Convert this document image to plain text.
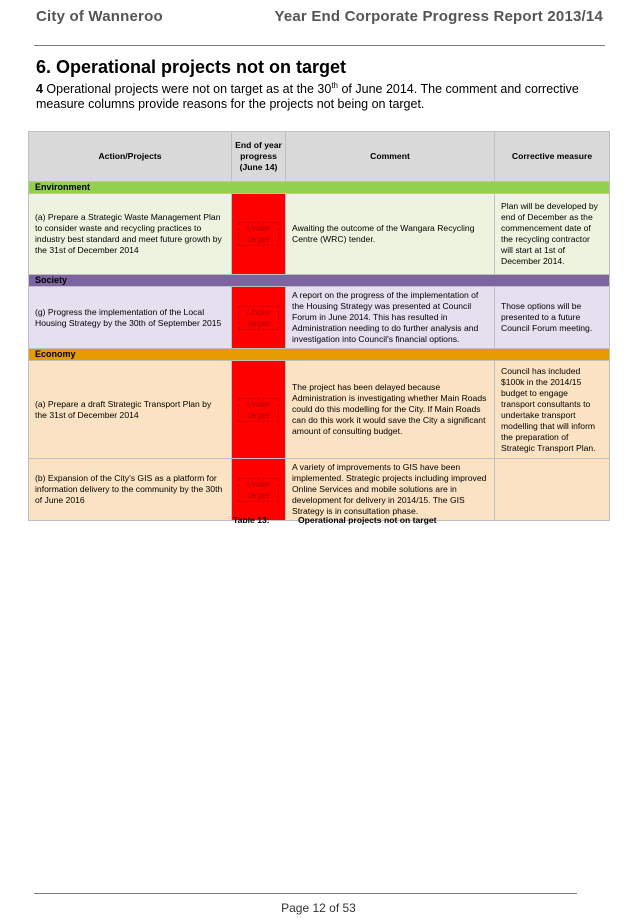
City of Wanneroo	Year End Corporate Progress Report 2013/14
6. Operational projects not on target
4 Operational projects were not on target as at the 30th of June 2014. The comment and corrective measure columns provide reasons for the projects not being on target.
Action/Projects	End of year progress (June 14)	Comment	Corrective measure
Environment			
(a) Prepare a Strategic Waste Management Plan to consider waste and recycling practices to industry best standard and meet future growth by the 31st of December 2014	Under target	Awaiting the outcome of the Wangara Recycling Centre (WRC) tender.	Plan will be developed by end of December as the commencement date of the recycling contractor will start at 1st of December 2014.
Society			
(g) Progress the implementation of the Local Housing Strategy by the 30th of September 2015	Under target	A report on the progress of the implementation of the Housing Strategy was presented at Council Forum in June 2014. This has resulted in Administration needing to do further analysis and investigation into Council's financial options.	Those options will be presented to a future Council Forum meeting.
Economy			
(a) Prepare a draft Strategic Transport Plan by the 31st of December 2014	Under target	The project has been delayed because Administration is investigating whether Main Roads could do this modelling for the City. If Main Roads can do this work it would save the City a significant amount of consulting budget.	Council has included $100k in the 2014/15 budget to engage transport consultants to undertake transport modelling that will inform the preparation of Strategic Transport Plan.
(b) Expansion of the City's GIS as a platform for information delivery to the community by the 30th of June 2016	Under target	A variety of improvements to GIS have been implemented. Strategic projects including improved Online Services and mobile solutions are in development for delivery in 2014/15. The GIS Strategy is in consultation phase.	
Table 13:	Operational projects not on target
Page 12 of 53
